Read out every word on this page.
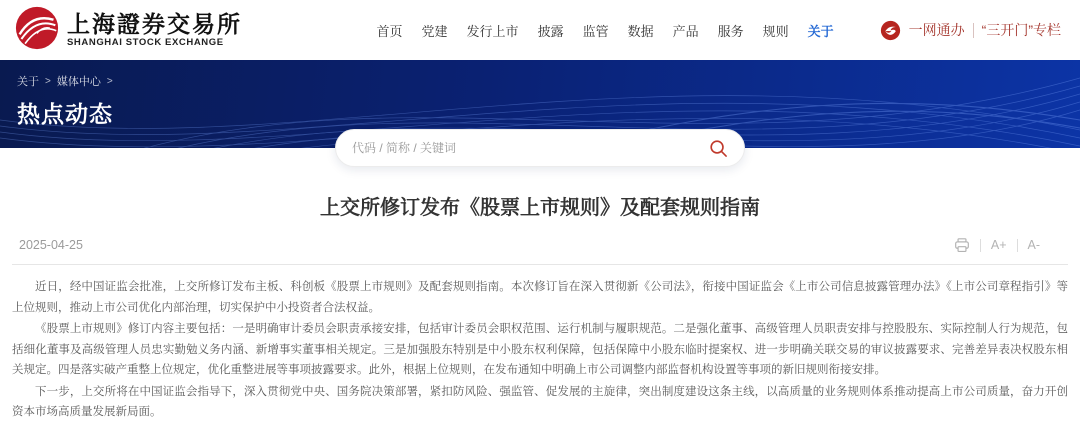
上海證券交易所
SHANGHAI STOCK EXCHANGE
首页 党建 发行上市 披露 监管 数据 产品 服务 规则 关于	一网通办 “三开门”专栏
关于 > 媒体中心 >
热点动态
代码 / 简称 / 关键词
上交所修订发布《股票上市规则》及配套规则指南
2025-04-25	A+ A-

近日，经中国证监会批准，上交所修订发布主板、科创板《股票上市规则》及配套规则指南。本次修订旨在深入贯彻新《公司法》，衔接中国证监会《上市公司信息披露管理办法》《上市公司章程指引》等上位规则，推动上市公司优化内部治理，切实保护中小投资者合法权益。

《股票上市规则》修订内容主要包括：一是明确审计委员会职责承接安排，包括审计委员会职权范围、运行机制与履职规范。二是强化董事、高级管理人员职责安排与控股股东、实际控制人行为规范，包括细化董事及高级管理人员忠实勤勉义务内涵、新增事实董事相关规定。三是加强股东特别是中小股东权利保障，包括保障中小股东临时提案权、进一步明确关联交易的审议披露要求、完善差异表决权股东相关规定。四是落实破产重整上位规定，优化重整进展等事项披露要求。此外，根据上位规则，在发布通知中明确上市公司调整内部监督机构设置等事项的新旧规则衔接安排。

下一步，上交所将在中国证监会指导下，深入贯彻党中央、国务院决策部署，紧扣防风险、强监管、促发展的主旋律，突出制度建设这条主线，以高质量的业务规则体系推动提高上市公司质量，奋力开创资本市场高质量发展新局面。
